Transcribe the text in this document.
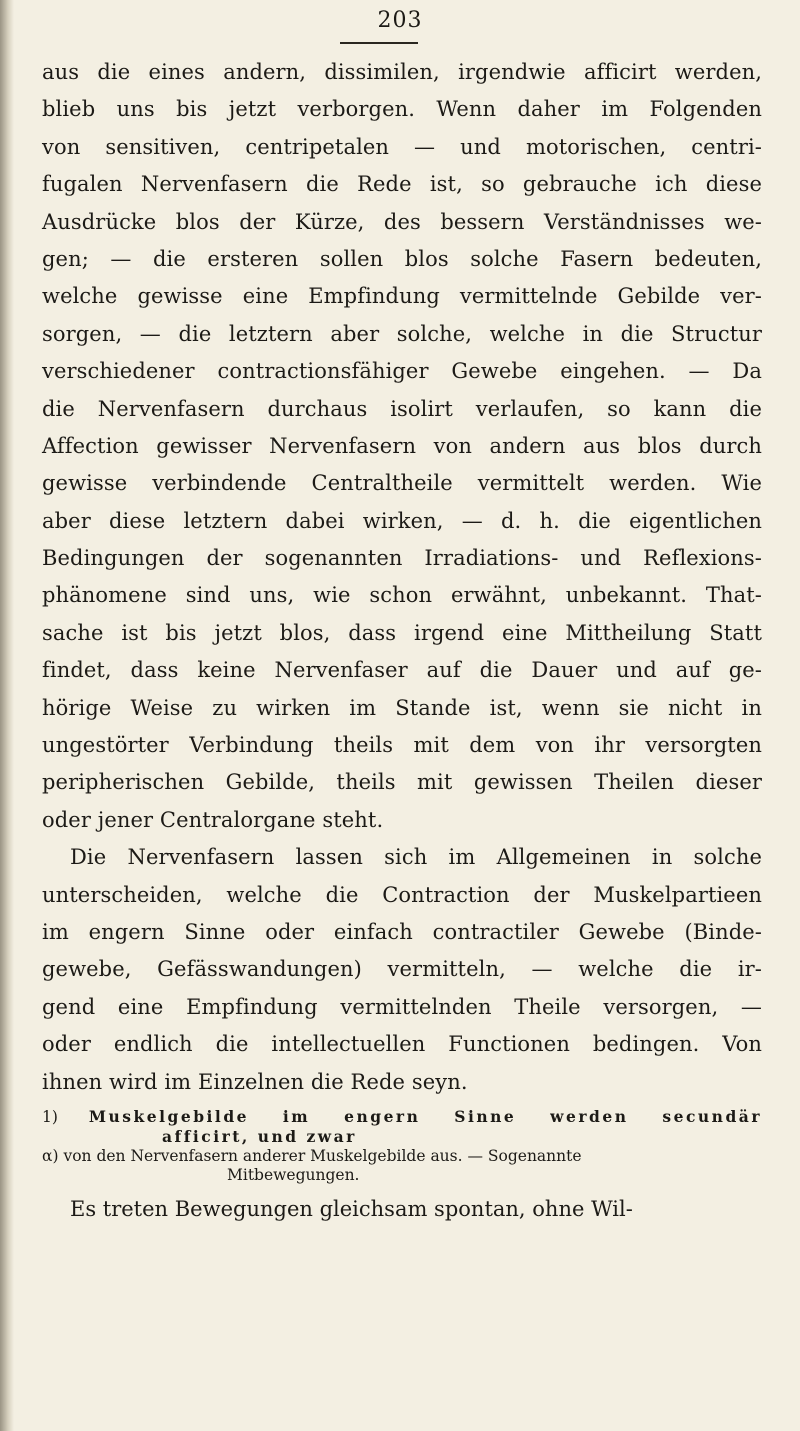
203
aus die eines andern, dissimilen, irgendwie afficirt werden,
blieb uns bis jetzt verborgen. Wenn daher im Folgenden
von sensitiven, centripetalen — und motorischen, centri-
fugalen Nervenfasern die Rede ist, so gebrauche ich diese
Ausdrücke blos der Kürze, des bessern Verständnisses we-
gen; — die ersteren sollen blos solche Fasern bedeuten,
welche gewisse eine Empfindung vermittelnde Gebilde ver-
sorgen, — die letztern aber solche, welche in die Structur
verschiedener contractionsfähiger Gewebe eingehen. — Da
die Nervenfasern durchaus isolirt verlaufen, so kann die
Affection gewisser Nervenfasern von andern aus blos durch
gewisse verbindende Centraltheile vermittelt werden. Wie
aber diese letztern dabei wirken, — d. h. die eigentlichen
Bedingungen der sogenannten Irradiations- und Reflexions-
phänomene sind uns, wie schon erwähnt, unbekannt. That-
sache ist bis jetzt blos, dass irgend eine Mittheilung Statt
findet, dass keine Nervenfaser auf die Dauer und auf ge-
hörige Weise zu wirken im Stande ist, wenn sie nicht in
ungestörter Verbindung theils mit dem von ihr versorgten
peripherischen Gebilde, theils mit gewissen Theilen dieser
oder jener Centralorgane steht.
Die Nervenfasern lassen sich im Allgemeinen in solche
unterscheiden, welche die Contraction der Muskelpartieen
im engern Sinne oder einfach contractiler Gewebe (Binde-
gewebe, Gefässwandungen) vermitteln, — welche die ir-
gend eine Empfindung vermittelnden Theile versorgen, —
oder endlich die intellectuellen Functionen bedingen. Von
ihnen wird im Einzelnen die Rede seyn.
1) Muskelgebilde im engern Sinne werden secundär
afficirt, und zwar
α) von den Nervenfasern anderer Muskelgebilde aus. — Sogenannte
Mitbewegungen.
Es treten Bewegungen gleichsam spontan, ohne Wil-
